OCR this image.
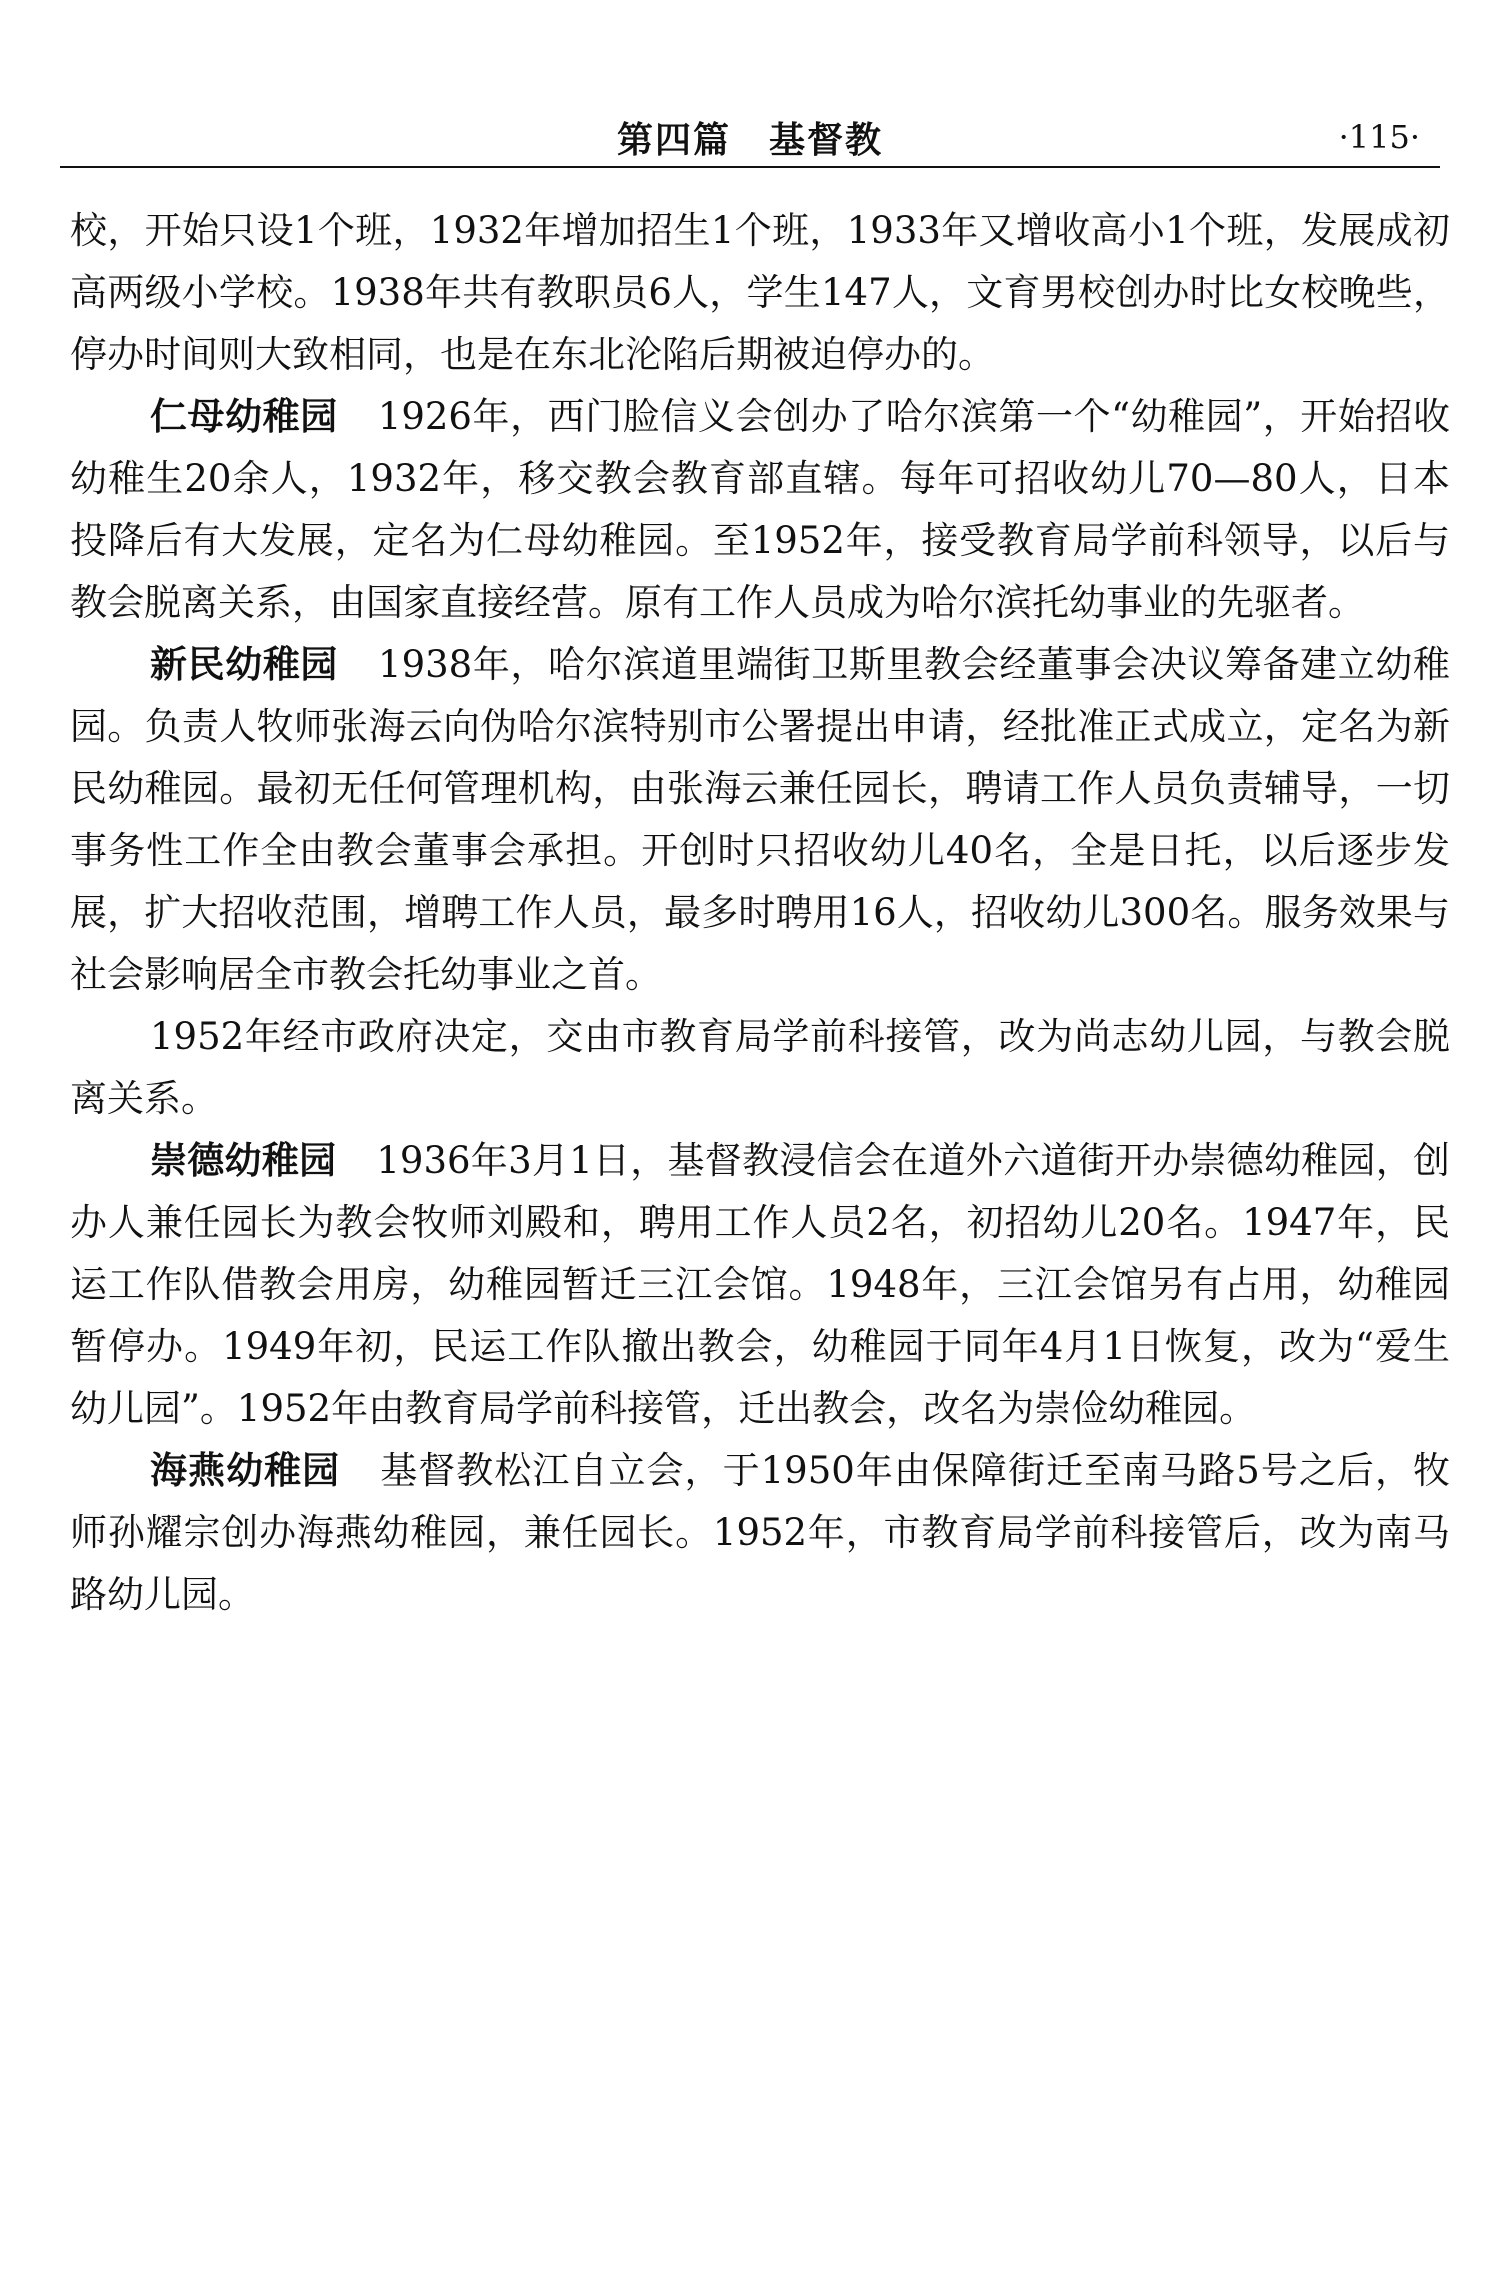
第四篇 基督教	·115·

校，开始只设1个班，1932年增加招生1个班，1933年又增收高小1个班，发展成初高两级小学校。1938年共有教职员6人，学生147人，文育男校创办时比女校晚些，停办时间则大致相同，也是在东北沦陷后期被迫停办的。

仁母幼稚园 1926年，西门脸信义会创办了哈尔滨第一个“幼稚园”，开始招收幼稚生20余人，1932年，移交教会教育部直辖。每年可招收幼儿70—80人，日本投降后有大发展，定名为仁母幼稚园。至1952年，接受教育局学前科领导，以后与教会脱离关系，由国家直接经营。原有工作人员成为哈尔滨托幼事业的先驱者。

新民幼稚园 1938年，哈尔滨道里端街卫斯里教会经董事会决议筹备建立幼稚园。负责人牧师张海云向伪哈尔滨特别市公署提出申请，经批准正式成立，定名为新民幼稚园。最初无任何管理机构，由张海云兼任园长，聘请工作人员负责辅导，一切事务性工作全由教会董事会承担。开创时只招收幼儿40名，全是日托，以后逐步发展，扩大招收范围，增聘工作人员，最多时聘用16人，招收幼儿300名。服务效果与社会影响居全市教会托幼事业之首。

1952年经市政府决定，交由市教育局学前科接管，改为尚志幼儿园，与教会脱离关系。

崇德幼稚园 1936年3月1日，基督教浸信会在道外六道街开办崇德幼稚园，创办人兼任园长为教会牧师刘殿和，聘用工作人员2名，初招幼儿20名。1947年，民运工作队借教会用房，幼稚园暂迁三江会馆。1948年，三江会馆另有占用，幼稚园暂停办。1949年初，民运工作队撤出教会，幼稚园于同年4月1日恢复，改为“爱生幼儿园”。1952年由教育局学前科接管，迁出教会，改名为崇俭幼稚园。

海燕幼稚园 基督教松江自立会，于1950年由保障街迁至南马路5号之后，牧师孙耀宗创办海燕幼稚园，兼任园长。1952年，市教育局学前科接管后，改为南马路幼儿园。
